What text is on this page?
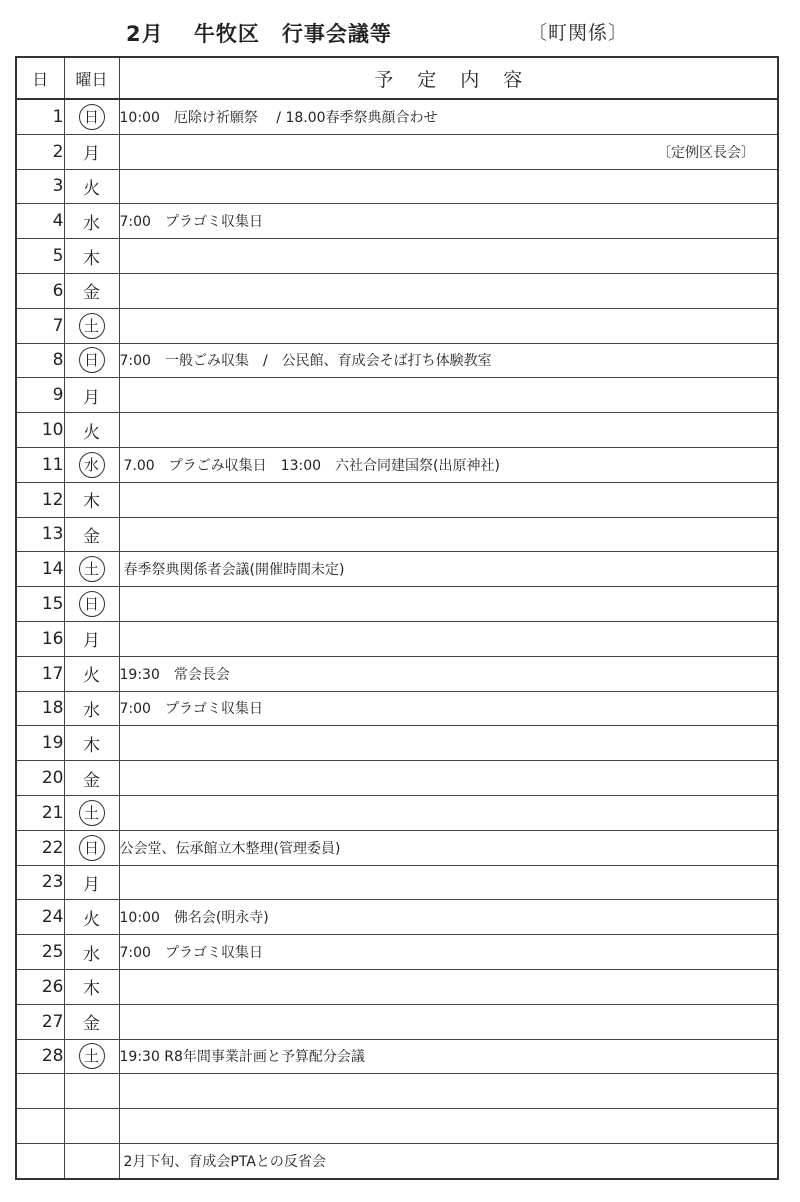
2月　 牛牧区　行事会議等	〔町関係〕
日	曜日	予定内容
1	日	10:00　厄除け祈願祭　 / 18.00春季祭典顔合わせ
2	月	〔定例区長会〕

3	火	
4	水	7:00　プラゴミ収集日
5	木	
6	金	
7	土	
8	日	7:00　一般ごみ収集　/　公民館、育成会そば打ち体験教室
9	月	
10	火	
11	水	7.00　プラごみ収集日　13:00　六社合同建国祭(出原神社)
12	木	
13	金	
14	土	春季祭典関係者会議(開催時間未定)
15	日	
16	月	
17	火	19:30　常会長会
18	水	7:00　プラゴミ収集日
19	木	
20	金	
21	土	
22	日	公会堂、伝承館立木整理(管理委員)
23	月	
24	火	10:00　佛名会(明永寺)
25	水	7:00　プラゴミ収集日
26	木	
27	金	
28	土	19:30 R8年間事業計画と予算配分会議

		2月下旬、育成会PTAとの反省会
